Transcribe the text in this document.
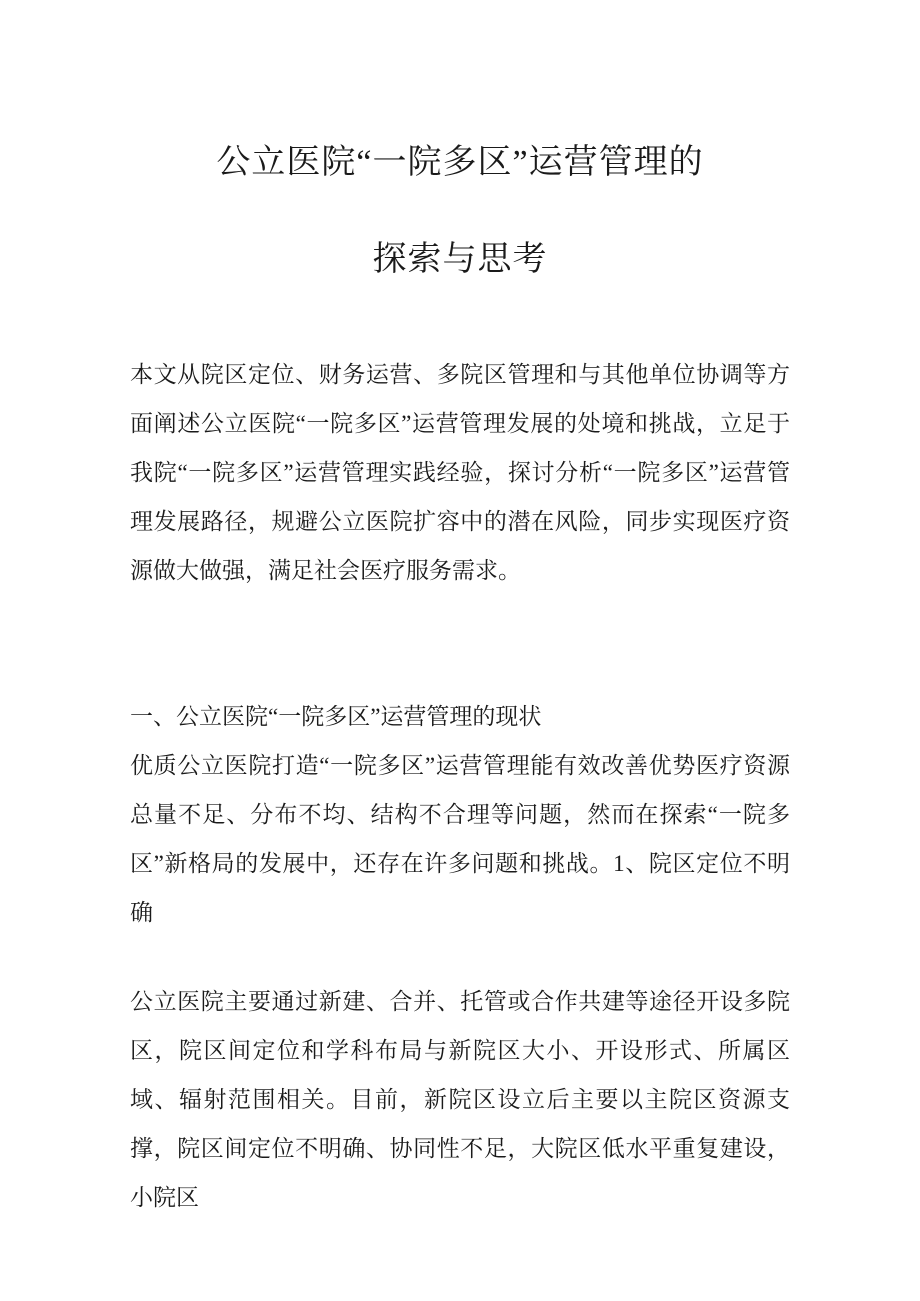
公立医院“一院多区”运营管理的
探索与思考

本文从院区定位、财务运营、多院区管理和与其他单位协调等方面阐述公立医院“一院多区”运营管理发展的处境和挑战，立足于我院“一院多区”运营管理实践经验，探讨分析“一院多区”运营管理发展路径，规避公立医院扩容中的潜在风险，同步实现医疗资源做大做强，满足社会医疗服务需求。

一、公立医院“一院多区”运营管理的现状

优质公立医院打造“一院多区”运营管理能有效改善优势医疗资源总量不足、分布不均、结构不合理等问题，然而在探索“一院多区”新格局的发展中，还存在许多问题和挑战。1、院区定位不明确

公立医院主要通过新建、合并、托管或合作共建等途径开设多院区，院区间定位和学科布局与新院区大小、开设形式、所属区域、辐射范围相关。目前，新院区设立后主要以主院区资源支撑，院区间定位不明确、协同性不足，大院区低水平重复建设，小院区
